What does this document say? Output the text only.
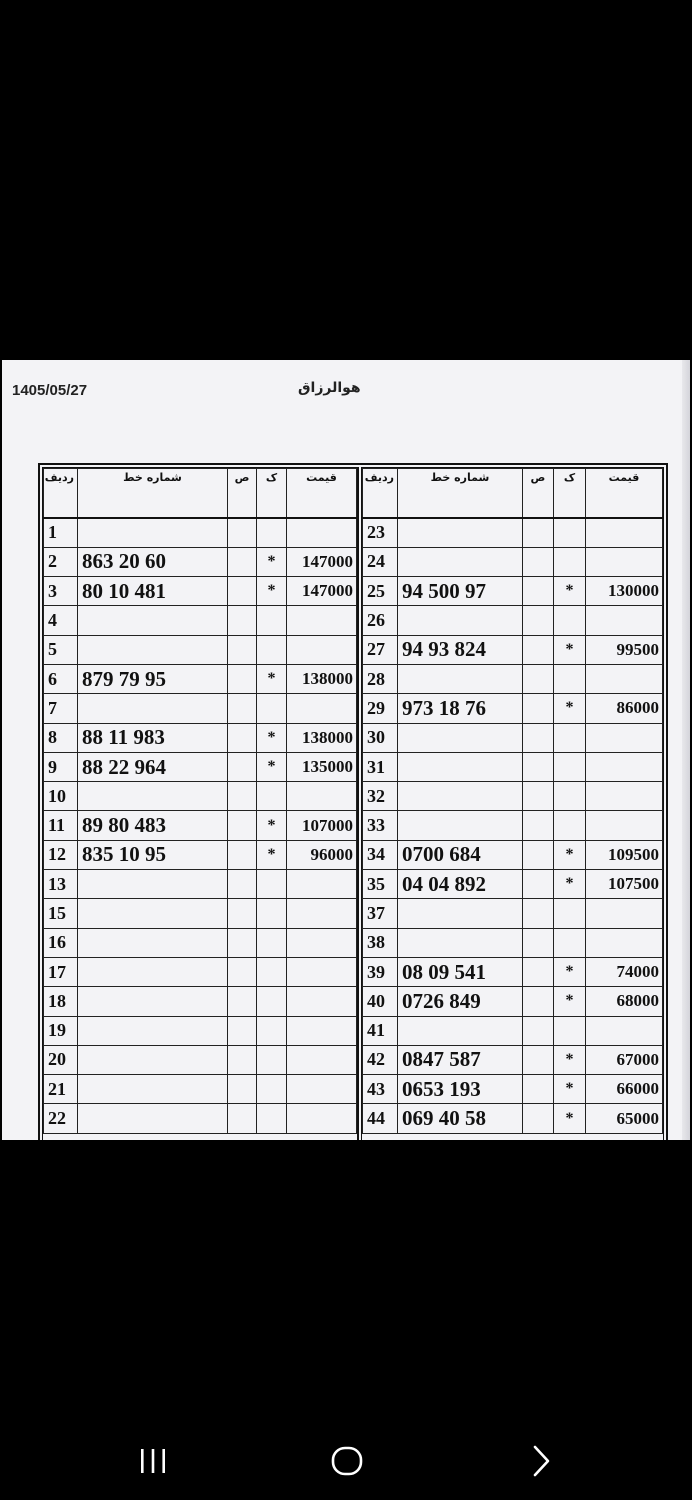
1405/05/27	هوالرزاق
ردیف	شماره خط	ص	ک	قیمت
1				
2	863 20 60		*	147000
3	80 10 481		*	147000
4				
5				
6	879 79 95		*	138000
7				
8	88 11 983		*	138000
9	88 22 964		*	135000
10				
11	89 80 483		*	107000
12	835 10 95		*	96000
13				
15				
16				
17				
18				
19				
20				
21				
22				
ردیف	شماره خط	ص	ک	قیمت
23				
24				
25	94 500 97		*	130000
26				
27	94 93 824		*	99500
28				
29	973 18 76		*	86000
30				
31				
32				
33				
34	0700 684		*	109500
35	04 04 892		*	107500
37				
38				
39	08 09 541		*	74000
40	0726 849		*	68000
41				
42	0847 587		*	67000
43	0653 193		*	66000
44	069 40 58		*	65000
